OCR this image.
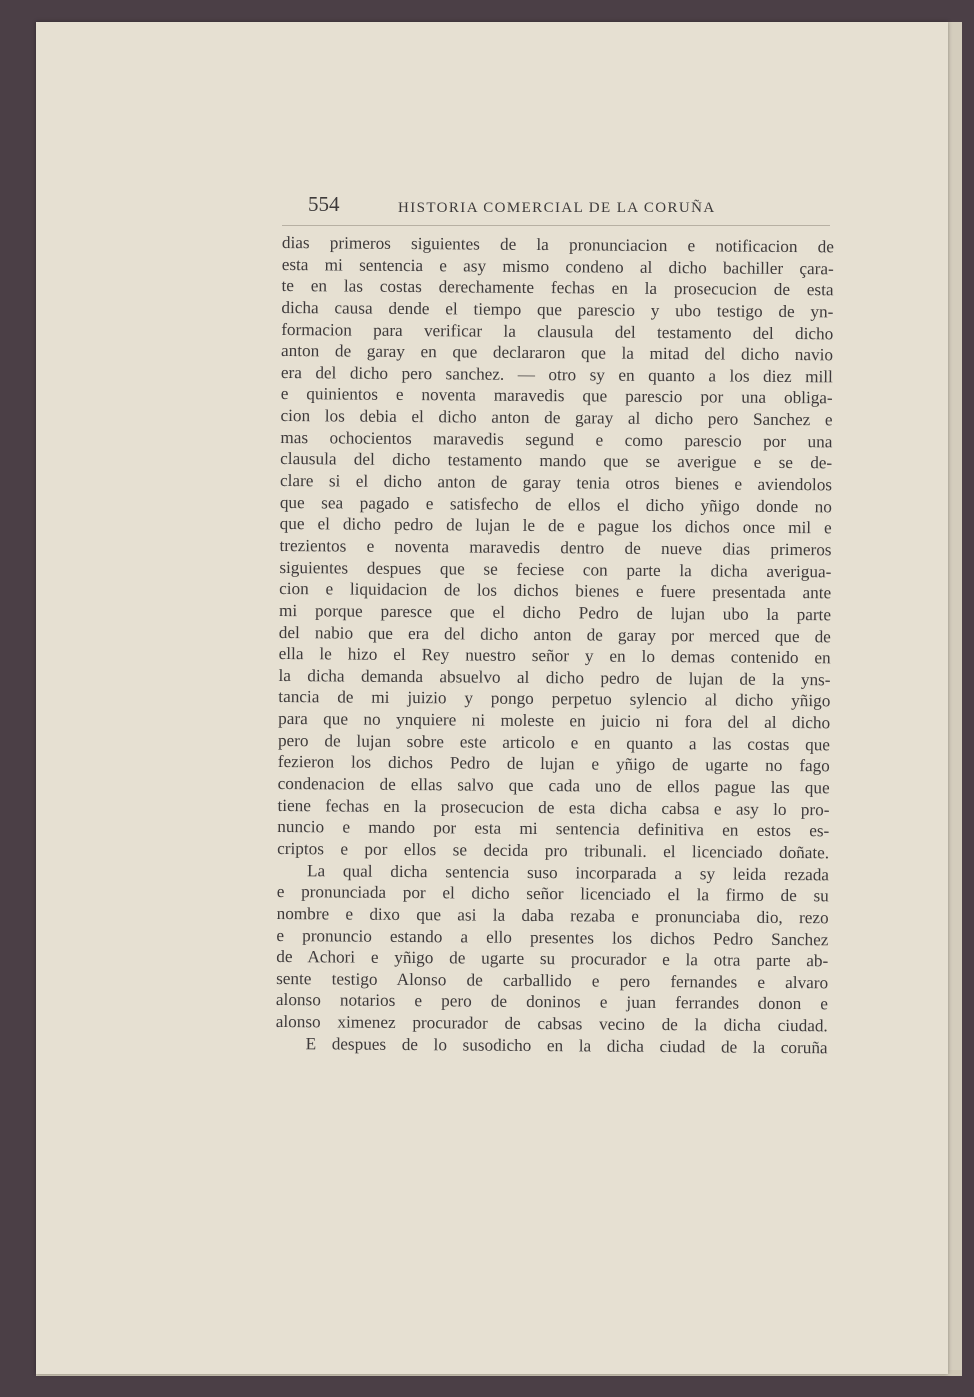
554	HISTORIA COMERCIAL DE LA CORUÑA
dias primeros siguientes de la pronunciacion e notificacion de
esta mi sentencia e asy mismo condeno al dicho bachiller çara-
te en las costas derechamente fechas en la prosecucion de esta
dicha causa dende el tiempo que parescio y ubo testigo de yn-
formacion para verificar la clausula del testamento del dicho
anton de garay en que declararon que la mitad del dicho navio
era del dicho pero sanchez. — otro sy en quanto a los diez mill
e quinientos e noventa maravedis que parescio por una obliga-
cion los debia el dicho anton de garay al dicho pero Sanchez e
mas ochocientos maravedis segund e como parescio por una
clausula del dicho testamento mando que se averigue e se de-
clare si el dicho anton de garay tenia otros bienes e aviendolos
que sea pagado e satisfecho de ellos el dicho yñigo donde no
que el dicho pedro de lujan le de e pague los dichos once mil e
trezientos e noventa maravedis dentro de nueve dias primeros
siguientes despues que se feciese con parte la dicha averigua-
cion e liquidacion de los dichos bienes e fuere presentada ante
mi porque paresce que el dicho Pedro de lujan ubo la parte
del nabio que era del dicho anton de garay por merced que de
ella le hizo el Rey nuestro señor y en lo demas contenido en
la dicha demanda absuelvo al dicho pedro de lujan de la yns-
tancia de mi juizio y pongo perpetuo sylencio al dicho yñigo
para que no ynquiere ni moleste en juicio ni fora del al dicho
pero de lujan sobre este articolo e en quanto a las costas que
fezieron los dichos Pedro de lujan e yñigo de ugarte no fago
condenacion de ellas salvo que cada uno de ellos pague las que
tiene fechas en la prosecucion de esta dicha cabsa e asy lo pro-
nuncio e mando por esta mi sentencia definitiva en estos es-
criptos e por ellos se decida pro tribunali. el licenciado doñate.
La qual dicha sentencia suso incorparada a sy leida rezada
e pronunciada por el dicho señor licenciado el la firmo de su
nombre e dixo que asi la daba rezaba e pronunciaba dio, rezo
e pronuncio estando a ello presentes los dichos Pedro Sanchez
de Achori e yñigo de ugarte su procurador e la otra parte ab-
sente testigo Alonso de carballido e pero fernandes e alvaro
alonso notarios e pero de doninos e juan ferrandes donon e
alonso ximenez procurador de cabsas vecino de la dicha ciudad.
E despues de lo susodicho en la dicha ciudad de la coruña
